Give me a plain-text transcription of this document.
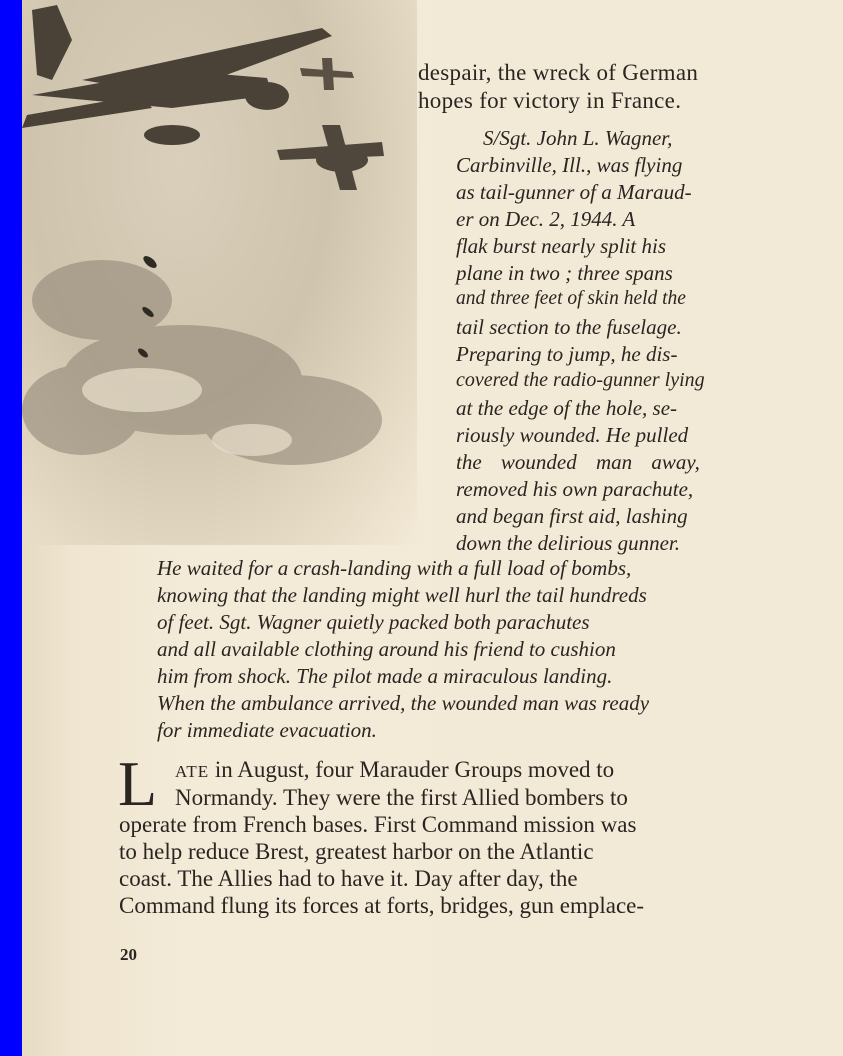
despair, the wreck of German

hopes for victory in France.

S/Sgt. John L. Wagner,

Carbinville, Ill., was flying

as tail-gunner of a Maraud-

er on Dec. 2, 1944. A

flak burst nearly split his

plane in two ; three spans

and three feet of skin held the

tail section to the fuselage.

Preparing to jump, he dis-

covered the radio-gunner lying

at the edge of the hole, se-

riously wounded. He pulled

the wounded man away,

removed his own parachute,

and began first aid, lashing

down the delirious gunner.

He waited for a crash-landing with a full load of bombs,

knowing that the landing might well hurl the tail hundreds

of feet. Sgt. Wagner quietly packed both parachutes

and all available clothing around his friend to cushion

him from shock. The pilot made a miraculous landing.

When the ambulance arrived, the wounded man was ready

for immediate evacuation.

L ATE in August, four Marauder Groups moved to

Normandy. They were the first Allied bombers to

operate from French bases. First Command mission was

to help reduce Brest, greatest harbor on the Atlantic

coast. The Allies had to have it. Day after day, the

Command flung its forces at forts, bridges, gun emplace-

20
